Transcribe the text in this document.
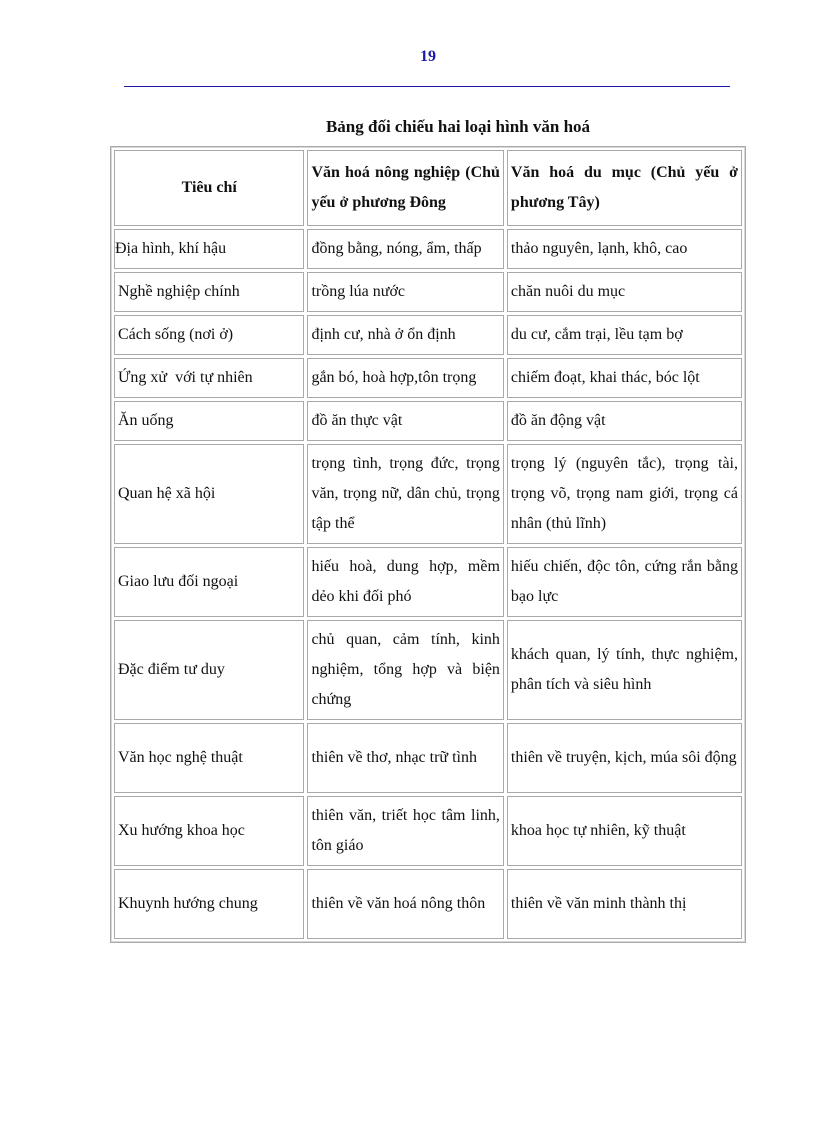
19
Bảng đối chiếu hai loại hình văn hoá
Tiêu chí	Văn hoá nông nghiệp (Chủ yếu ở phương Đông	Văn hoá du mục (Chủ yếu ở phương Tây)
Địa hình, khí hậu	đồng bằng, nóng, ẩm, thấp	thảo nguyên, lạnh, khô, cao
Nghề nghiệp chính	trồng lúa nước	chăn nuôi du mục
Cách sống (nơi ở)	định cư, nhà ở ổn định	du cư, cắm trại, lều tạm bợ
Ứng xử  với tự nhiên	gắn bó, hoà hợp,tôn trọng	chiếm đoạt, khai thác, bóc lột
Ăn uống	đồ ăn thực vật	đồ ăn động vật
Quan hệ xã hội	trọng tình, trọng đức, trọng văn, trọng nữ, dân chủ, trọng tập thể	trọng lý (nguyên tắc), trọng tài, trọng võ, trọng nam giới, trọng cá nhân (thủ lĩnh)
Giao lưu đối ngoại	hiếu hoà, dung hợp, mềm dẻo khi đối phó	hiếu chiến, độc tôn, cứng rắn bằng bạo lực
Đặc điểm tư duy	chủ quan, cảm tính, kinh nghiệm, tổng hợp và biện chứng	khách quan, lý tính, thực nghiệm, phân tích và siêu hình
Văn học nghệ thuật	thiên về thơ, nhạc trữ tình	thiên về truyện, kịch, múa sôi động
Xu hướng khoa học	thiên văn, triết học tâm linh, tôn giáo	khoa học tự nhiên, kỹ thuật
Khuynh hướng chung	thiên về văn hoá nông thôn	thiên về văn minh thành thị
